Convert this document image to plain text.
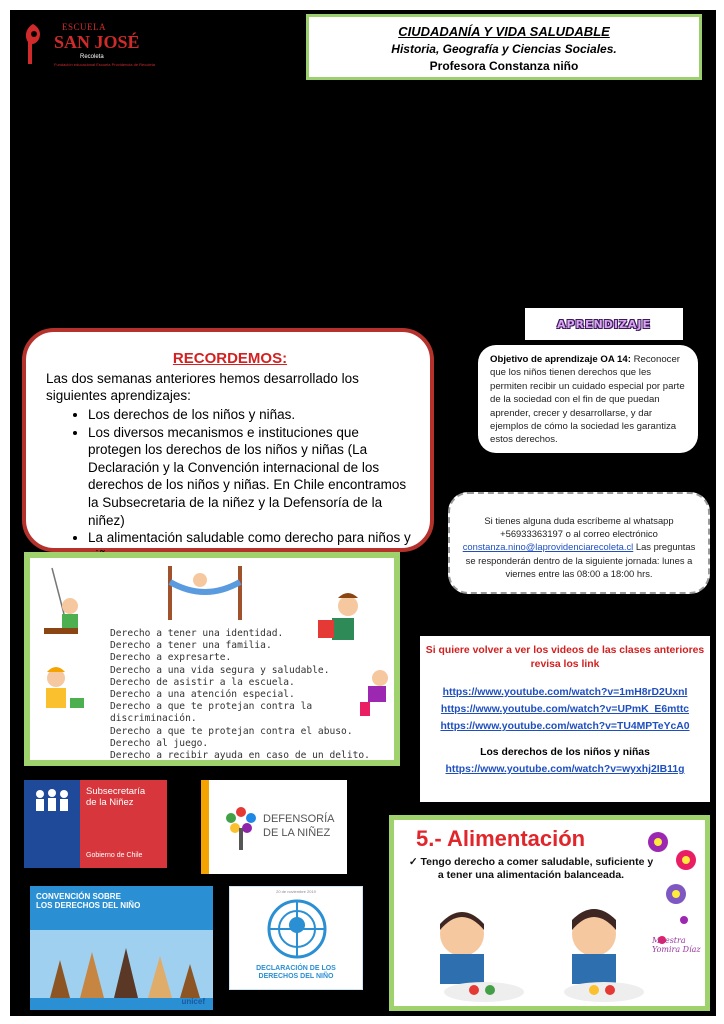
ESCUELA
SAN JOSÉ
Recoleta
Fundación educacional Escuela Providencia de Recoleta
CIUDADANÍA Y VIDA SALUDABLE
Historia, Geografía y Ciencias Sociales.
Profesora Constanza niño
APRENDIZAJE
Objetivo de aprendizaje OA 14: Reconocer que los niños tienen derechos que les permiten recibir un cuidado especial por parte de la sociedad con el fin de que puedan aprender, crecer y desarrollarse, y dar ejemplos de cómo la sociedad les garantiza estos derechos.
RECORDEMOS:
Las dos semanas anteriores hemos desarrollado los siguientes aprendizajes:
• Los derechos de los niños y niñas.
• Los diversos mecanismos e instituciones que protegen los derechos de los niños y niñas (La Declaración y la Convención internacional de los derechos de los niños y niñas. En Chile encontramos la Subsecretaria de la niñez y la Defensoría de la niñez)
• La alimentación saludable como derecho para niños y
Si tienes alguna duda escríbeme al whatsapp
+56933363197 o al correo electrónico
constanza.nino@laprovidenciarecoleta.cl Las preguntas se responderán dentro de la siguiente jornada: lunes a viernes entre las 08:00 a 18:00 hrs.
Derecho a tener una identidad.
Derecho a tener una familia.
Derecho a expresarte.
Derecho a una vida segura y saludable.
Derecho de asistir a la escuela.
Derecho a una atención especial.
Derecho a que te protejan contra la
discriminación.
Derecho a que te protejan contra el abuso.
Derecho al juego.
Derecho a recibir ayuda en caso de un delito.
Si quiere volver a ver los videos de las clases anteriores revisa los link
https://www.youtube.com/watch?v=1mH8rD2UxnI
https://www.youtube.com/watch?v=UPmK_E6mttc
https://www.youtube.com/watch?v=TU4MPTeYcA0
Los derechos de los niños y niñas
https://www.youtube.com/watch?v=wyxhj2IB11g
Subsecretaría
de la Niñez
Gobierno de Chile
DEFENSORÍA
DE LA NIÑEZ	5.- Alimentación
✓ Tengo derecho a comer saludable, suficiente y a tener una alimentación balanceada.
Maestra Yomira Díaz
CONVENCIÓN SOBRE
LOS DERECHOS DEL NIÑO
unicef
20 de noviembre 2019
DECLARACIÓN DE LOS
DERECHOS DEL NIÑO
